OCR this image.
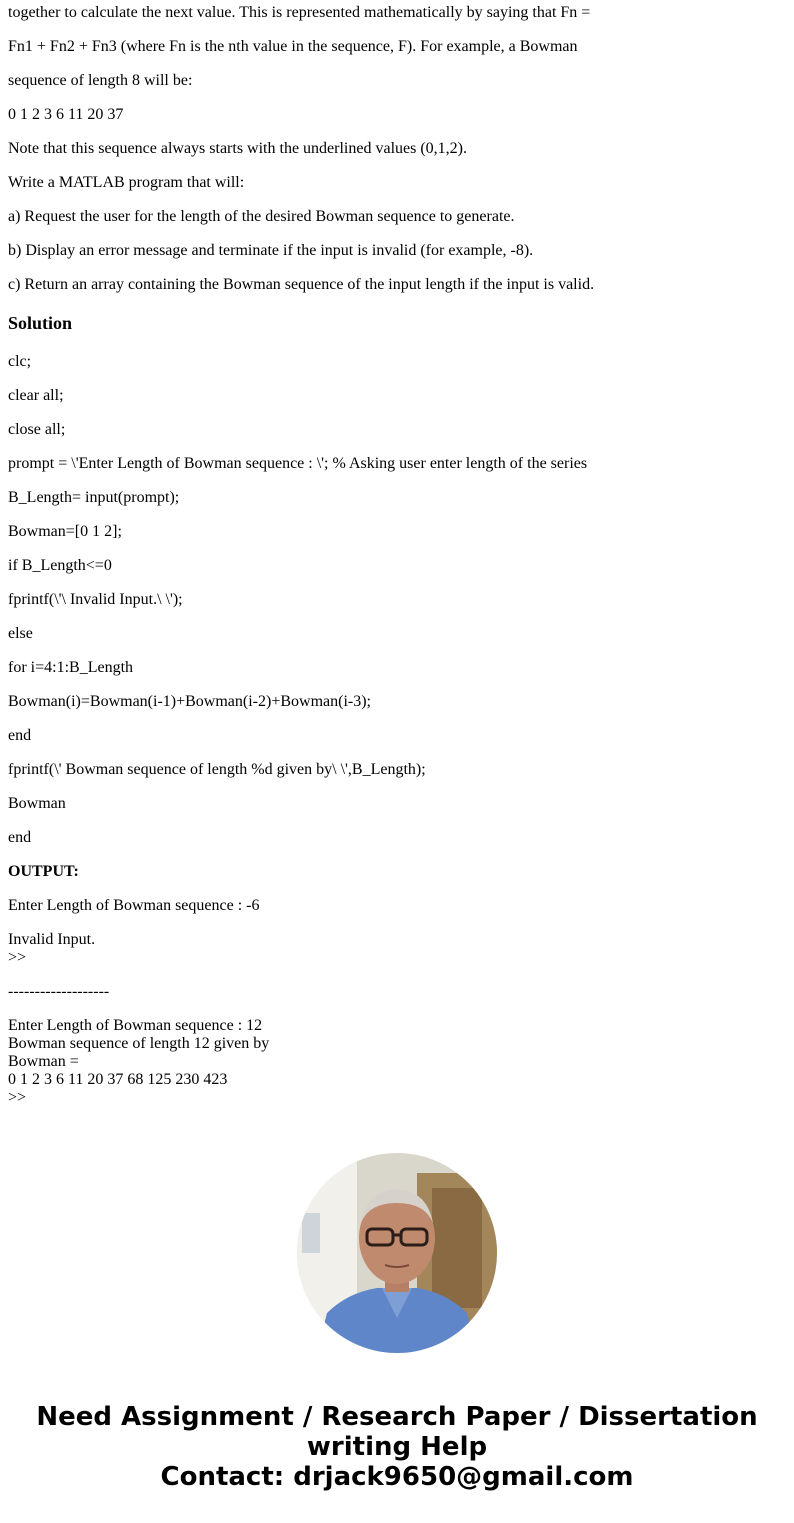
together to calculate the next value. This is represented mathematically by saying that Fn =
Fn1 + Fn2 + Fn3 (where Fn is the nth value in the sequence, F). For example, a Bowman
sequence of length 8 will be:
0 1 2 3 6 11 20 37
Note that this sequence always starts with the underlined values (0,1,2).
Write a MATLAB program that will:
a) Request the user for the length of the desired Bowman sequence to generate.
b) Display an error message and terminate if the input is invalid (for example, -8).
c) Return an array containing the Bowman sequence of the input length if the input is valid.
Solution
clc;
clear all;
close all;
prompt = \'Enter Length of Bowman sequence : \'; % Asking user enter length of the series
B_Length= input(prompt);
Bowman=[0 1 2];
if B_Length<=0
fprintf(\'\ Invalid Input.\ \');
else
for i=4:1:B_Length
Bowman(i)=Bowman(i-1)+Bowman(i-2)+Bowman(i-3);
end
fprintf(\' Bowman sequence of length %d given by\ \',B_Length);
Bowman
end
OUTPUT:
Enter Length of Bowman sequence : -6
Invalid Input.
>>
-------------------
Enter Length of Bowman sequence : 12
Bowman sequence of length 12 given by
Bowman =
0 1 2 3 6 11 20 37 68 125 230 423
>>
Need Assignment / Research Paper / Dissertation
writing Help
Contact: drjack9650@gmail.com
